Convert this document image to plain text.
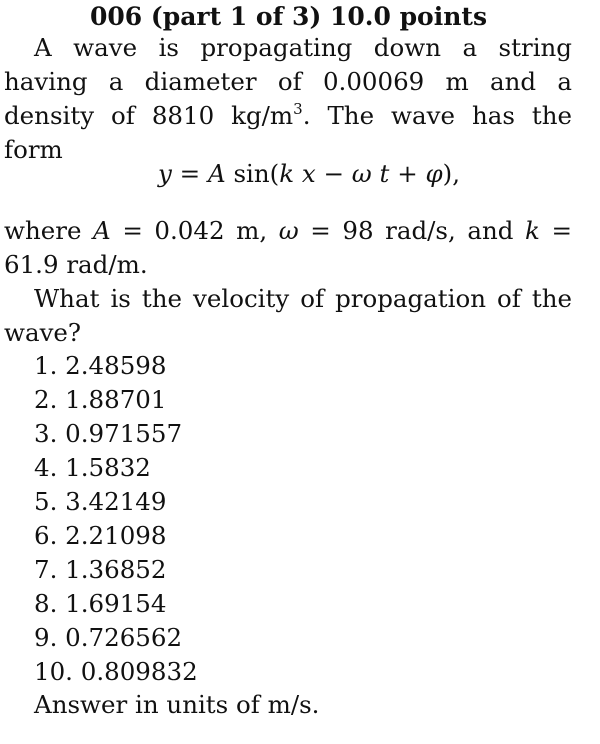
006 (part 1 of 3) 10.0 points
A wave is propagating down a string having a diameter of 0.00069 m and a density of 8810 $kg/m^3$. The wave has the form
y = A sin(k x − ω t + φ),
where A = 0.042 m, ω = 98 rad/s, and k = 61.9 rad/m.
What is the velocity of propagation of the wave?
1. 2.48598
2. 1.88701
3. 0.971557
4. 1.5832
5. 3.42149
6. 2.21098
7. 1.36852
8. 1.69154
9. 0.726562
10. 0.809832
Answer in units of m/s.
